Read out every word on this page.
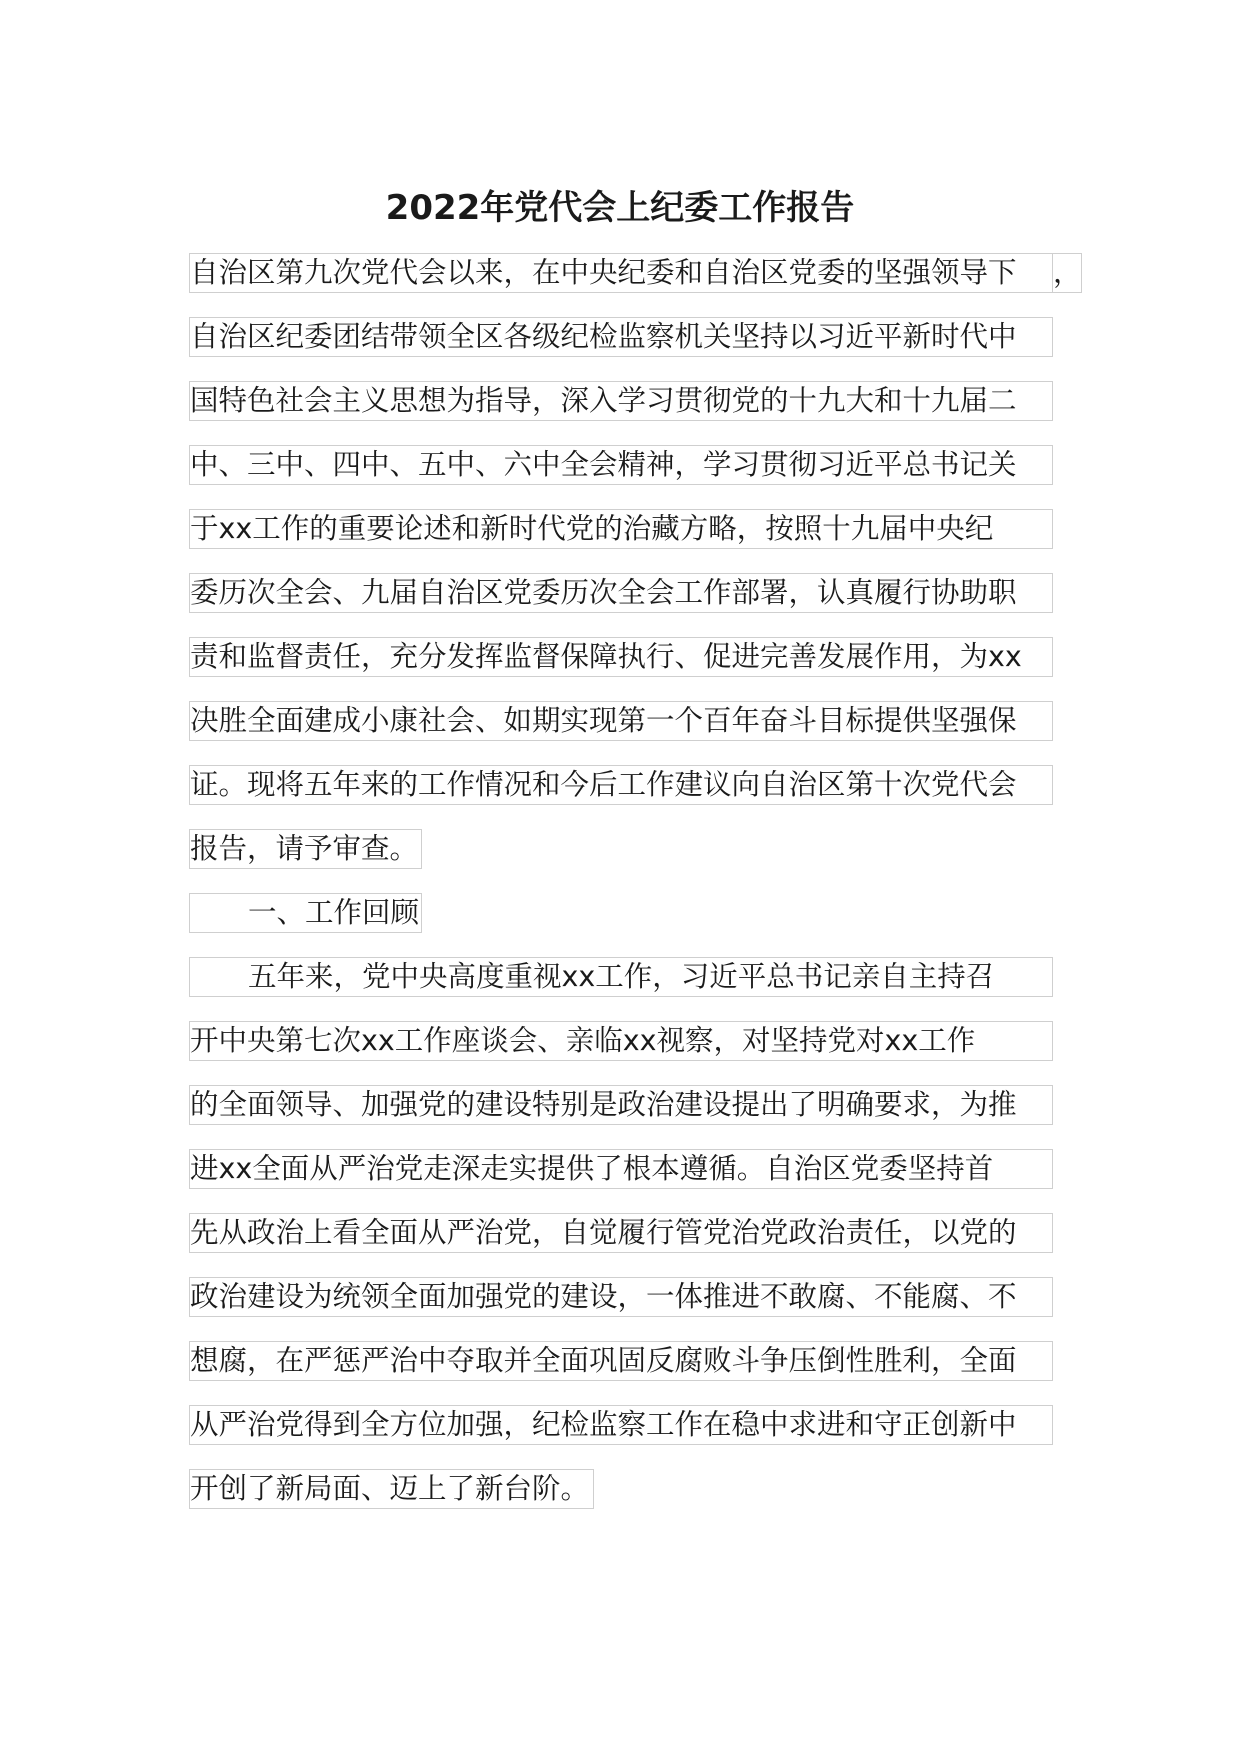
2022年党代会上纪委工作报告
自治区第九次党代会以来，在中央纪委和自治区党委的坚强领导下	，
自治区纪委团结带领全区各级纪检监察机关坚持以习近平新时代中
国特色社会主义思想为指导，深入学习贯彻党的十九大和十九届二
中、三中、四中、五中、六中全会精神，学习贯彻习近平总书记关
于xx工作的重要论述和新时代党的治藏方略，按照十九届中央纪
委历次全会、九届自治区党委历次全会工作部署，认真履行协助职
责和监督责任，充分发挥监督保障执行、促进完善发展作用，为xx
决胜全面建成小康社会、如期实现第一个百年奋斗目标提供坚强保
证。现将五年来的工作情况和今后工作建议向自治区第十次党代会
报告，请予审查。
一、工作回顾
五年来，党中央高度重视xx工作，习近平总书记亲自主持召
开中央第七次xx工作座谈会、亲临xx视察，对坚持党对xx工作
的全面领导、加强党的建设特别是政治建设提出了明确要求，为推
进xx全面从严治党走深走实提供了根本遵循。自治区党委坚持首
先从政治上看全面从严治党，自觉履行管党治党政治责任，以党的
政治建设为统领全面加强党的建设，一体推进不敢腐、不能腐、不
想腐，在严惩严治中夺取并全面巩固反腐败斗争压倒性胜利，全面
从严治党得到全方位加强，纪检监察工作在稳中求进和守正创新中
开创了新局面、迈上了新台阶。
